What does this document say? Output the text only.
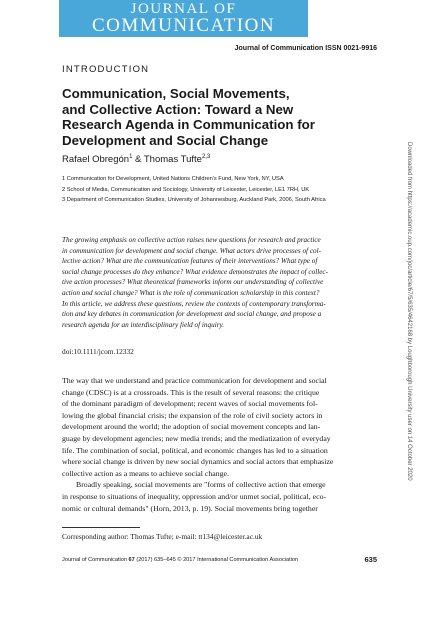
JOURNAL OF
COMMUNICATION
Journal of Communication ISSN 0021-9916
INTRODUCTION
Communication, Social Movements,
and Collective Action: Toward a New
Research Agenda in Communication for
Development and Social Change
Rafael Obregón$^1$ & Thomas Tufte$^{2,3}$
1 Communication for Development, United Nations Children's Fund, New York, NY, USA
2 School of Media, Communication and Sociology, University of Leicester, Leicester, LE1 7RH, UK
3 Department of Communication Studies, University of Johannesburg, Auckland Park, 2006, South Africa
The growing emphasis on collective action raises new questions for research and practice
in communication for development and social change. What actors drive processes of col-
lective action? What are the communication features of their interventions? What type of
social change processes do they enhance? What evidence demonstrates the impact of collec-
tive action processes? What theoretical frameworks inform our understanding of collective
action and social change? What is the role of communication scholarship in this context?
In this article, we address these questions, review the contexts of contemporary transforma-
tion and key debates in communication for development and social change, and propose a
research agenda for an interdisciplinary field of inquiry.
doi:10.1111/jcom.12332
The way that we understand and practice communication for development and social
change (CDSC) is at a crossroads. This is the result of several reasons: the critique
of the dominant paradigm of development; recent waves of social movements fol-
lowing the global financial crisis; the expansion of the role of civil society actors in
development around the world; the adoption of social movement concepts and lan-
guage by development agencies; new media trends; and the mediatization of everyday
life. The combination of social, political, and economic changes has led to a situation
where social change is driven by new social dynamics and social actors that emphasize
collective action as a means to achieve social change.
Broadly speaking, social movements are "forms of collective action that emerge
in response to situations of inequality, oppression and/or unmet social, political, eco-
nomic or cultural demands" (Horn, 2013, p. 19). Social movements bring together
Corresponding author: Thomas Tufte; e-mail: tt134@leicester.ac.uk
Journal of Communication 67 (2017) 635–645 © 2017 International Communication Association	635
Downloaded from https://academic.oup.com/joc/article/67/5/635/4642168 by Loughborough University user on 14 October 2020
